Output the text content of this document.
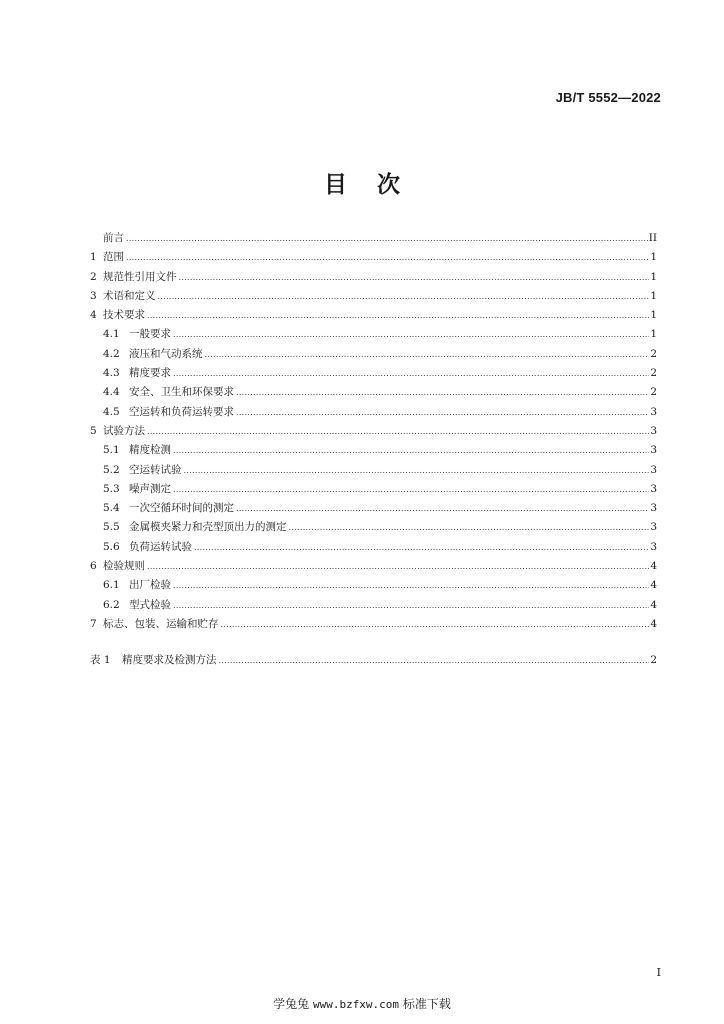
JB/T 5552—2022
目次
前言 .....	II
1 范围 .....	1
2 规范性引用文件 .....	1
3 术语和定义 .....	1
4 技术要求 .....	1
4.1 一般要求 .....	1
4.2 液压和气动系统 .....	2
4.3 精度要求 .....	2
4.4 安全、卫生和环保要求 .....	2
4.5 空运转和负荷运转要求 .....	3
5 试验方法 .....	3
5.1 精度检测 .....	3
5.2 空运转试验 .....	3
5.3 噪声测定 .....	3
5.4 一次空循环时间的测定 .....	3
5.5 金属模夹紧力和壳型顶出力的测定 .....	3
5.6 负荷运转试验 .....	3
6 检验规则 .....	4
6.1 出厂检验 .....	4
6.2 型式检验 .....	4
7 标志、包装、运输和贮存 .....	4
表 1	精度要求及检测方法 .....	2
I
学兔兔 www.bzfxw.com 标准下载
